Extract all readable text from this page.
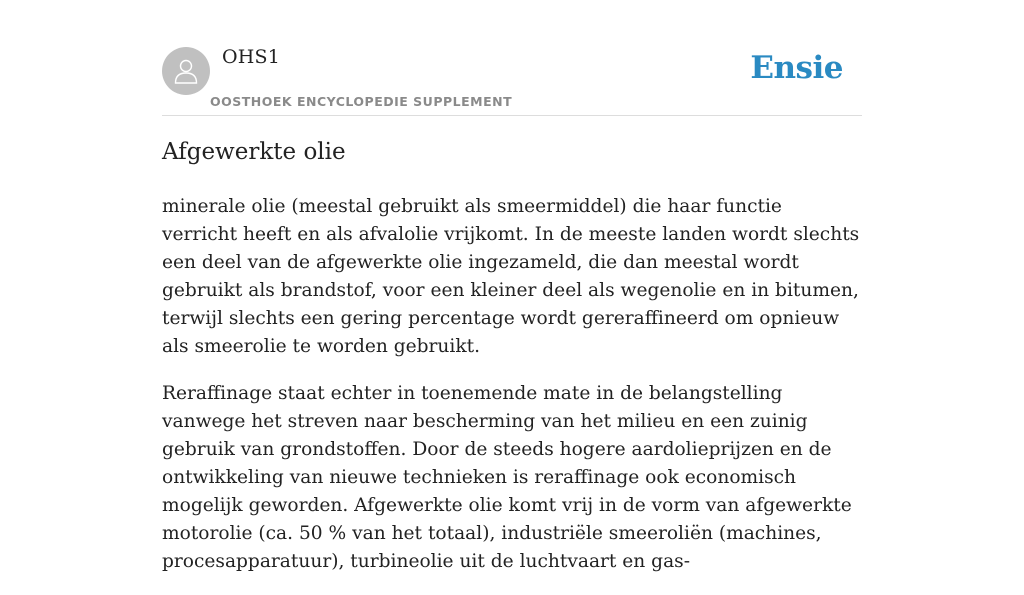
OHS1
OOSTHOEK ENCYCLOPEDIE SUPPLEMENT
Ensie
Afgewerkte olie

minerale olie (meestal gebruikt als smeermiddel) die haar functie verricht heeft en als afvalolie vrijkomt. In de meeste landen wordt slechts een deel van de afgewerkte olie ingezameld, die dan meestal wordt gebruikt als brandstof, voor een kleiner deel als wegenolie en in bitumen, terwijl slechts een gering percentage wordt gereraffineerd om opnieuw als smeerolie te worden gebruikt.

Reraffinage staat echter in toenemende mate in de belangstelling vanwege het streven naar bescherming van het milieu en een zuinig gebruik van grondstoffen. Door de steeds hogere aardolieprijzen en de ontwikkeling van nieuwe technieken is reraffinage ook economisch mogelijk geworden. Afgewerkte olie komt vrij in de vorm van afgewerkte motorolie (ca. 50 % van het totaal), industriële smeeroliën (machines, procesapparatuur), turbineolie uit de luchtvaart en gas-
